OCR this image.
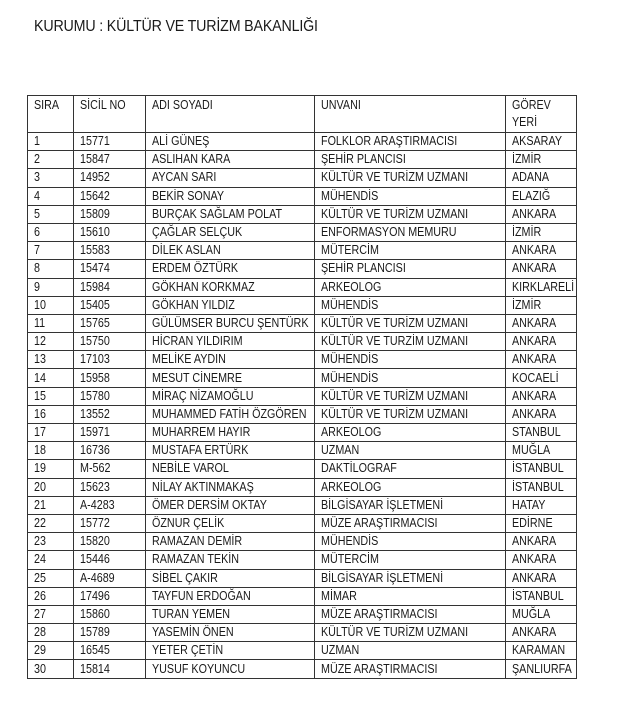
KURUMU : KÜLTÜR VE TURİZM BAKANLIĞI
SIRA	SİCİL NO	ADI SOYADI	UNVANI	GÖREV
YERİ
1	15771	ALİ GÜNEŞ	FOLKLOR ARAŞTIRMACISI	AKSARAY
2	15847	ASLIHAN KARA	ŞEHİR PLANCISI	İZMİR
3	14952	AYCAN SARI	KÜLTÜR VE TURİZM UZMANI	ADANA
4	15642	BEKİR SONAY	MÜHENDİS	ELAZIĞ
5	15809	BURÇAK SAĞLAM POLAT	KÜLTÜR VE TURİZM UZMANI	ANKARA
6	15610	ÇAĞLAR SELÇUK	ENFORMASYON MEMURU	İZMİR
7	15583	DİLEK ASLAN	MÜTERCİM	ANKARA
8	15474	ERDEM ÖZTÜRK	ŞEHİR PLANCISI	ANKARA
9	15984	GÖKHAN KORKMAZ	ARKEOLOG	KIRKLARELİ
10	15405	GÖKHAN YILDIZ	MÜHENDİS	İZMİR
11	15765	GÜLÜMSER BURCU ŞENTÜRK	KÜLTÜR VE TURİZM UZMANI	ANKARA
12	15750	HİCRAN YILDIRIM	KÜLTÜR VE TURZİM UZMANI	ANKARA
13	17103	MELİKE AYDIN	MÜHENDİS	ANKARA
14	15958	MESUT CİNEMRE	MÜHENDİS	KOCAELİ
15	15780	MİRAÇ NİZAMOĞLU	KÜLTÜR VE TURİZM UZMANI	ANKARA
16	13552	MUHAMMED FATİH ÖZGÖREN	KÜLTÜR VE TURİZM UZMANI	ANKARA
17	15971	MUHARREM HAYIR	ARKEOLOG	STANBUL
18	16736	MUSTAFA ERTÜRK	UZMAN	MUĞLA
19	M-562	NEBİLE VAROL	DAKTİLOGRAF	İSTANBUL
20	15623	NİLAY AKTINMAKAŞ	ARKEOLOG	İSTANBUL
21	A-4283	ÖMER DERSİM OKTAY	BİLGİSAYAR İŞLETMENİ	HATAY
22	15772	ÖZNUR ÇELİK	MÜZE ARAŞTIRMACISI	EDİRNE
23	15820	RAMAZAN DEMİR	MÜHENDİS	ANKARA
24	15446	RAMAZAN TEKİN	MÜTERCİM	ANKARA
25	A-4689	SİBEL ÇAKIR	BİLGİSAYAR İŞLETMENİ	ANKARA
26	17496	TAYFUN ERDOĞAN	MİMAR	İSTANBUL
27	15860	TURAN YEMEN	MÜZE ARAŞTIRMACISI	MUĞLA
28	15789	YASEMİN ÖNEN	KÜLTÜR VE TURİZM UZMANI	ANKARA
29	16545	YETER ÇETİN	UZMAN	KARAMAN
30	15814	YUSUF KOYUNCU	MÜZE ARAŞTIRMACISI	ŞANLIURFA
